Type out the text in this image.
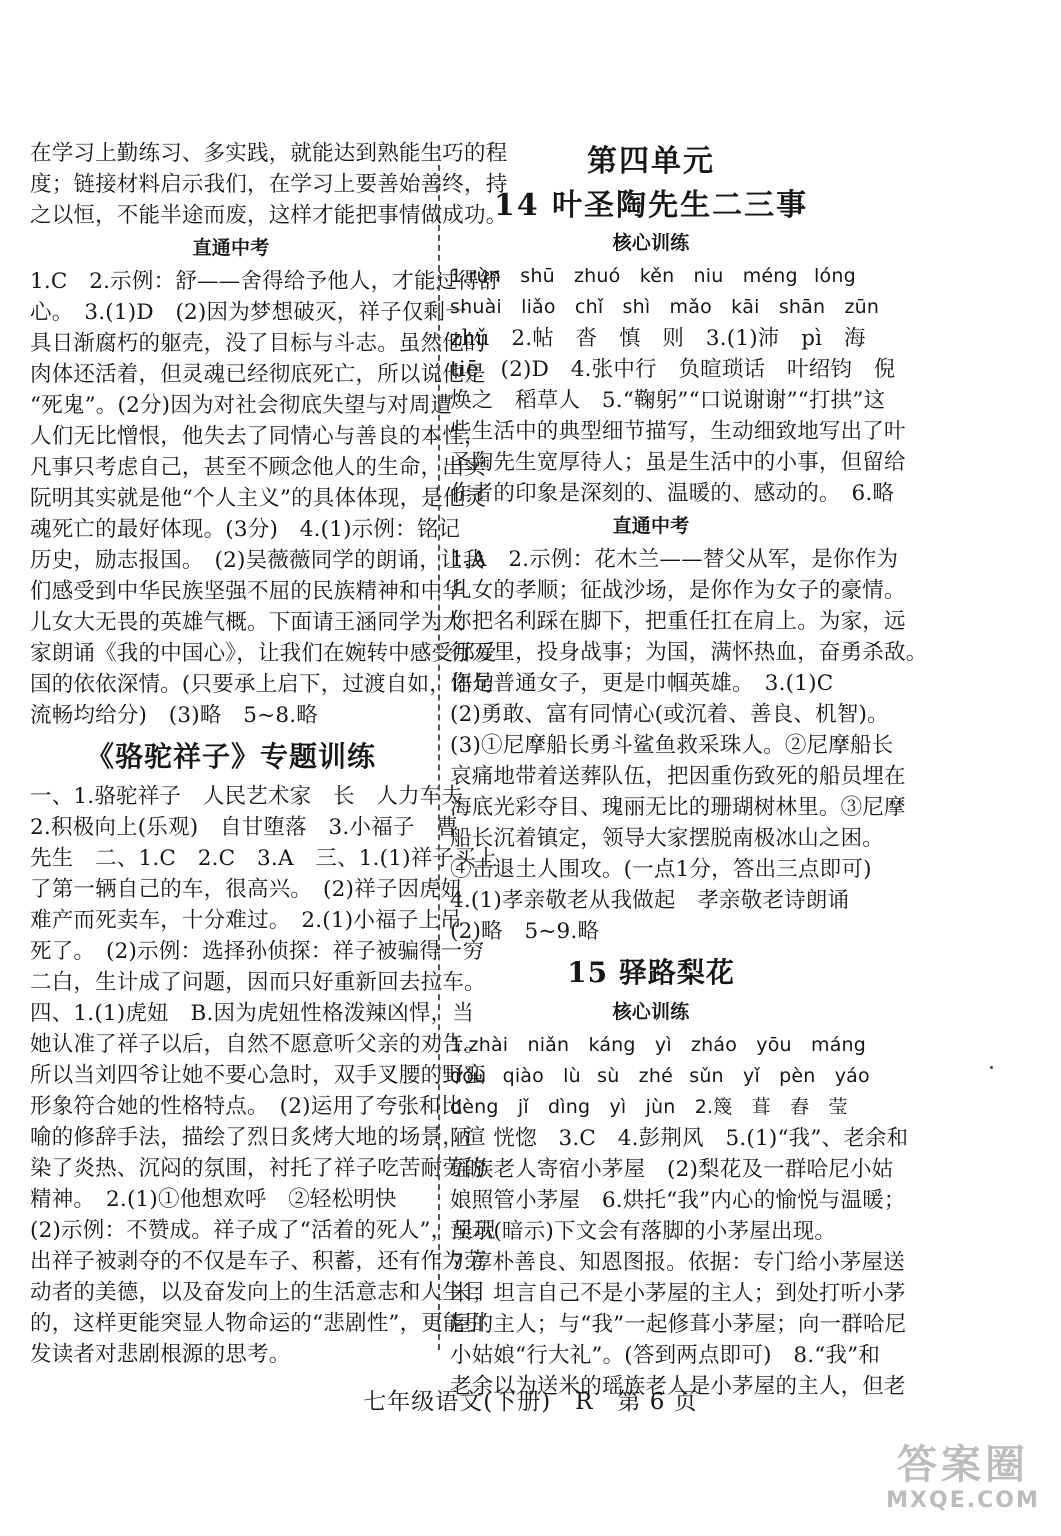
在学习上勤练习、多实践，就能达到熟能生巧的程

度；链接材料启示我们，在学习上要善始善终，持

之以恒，不能半途而废，这样才能把事情做成功。

直通中考

1.C　2.示例：舒——舍得给予他人，才能过得舒

心。　3.(1)D　(2)因为梦想破灭，祥子仅剩一

具日渐腐朽的躯壳，没了目标与斗志。虽然他的

肉体还活着，但灵魂已经彻底死亡，所以说他是

“死鬼”。(2分)因为对社会彻底失望与对周遭

人们无比憎恨，他失去了同情心与善良的本性，

凡事只考虑自己，甚至不顾念他人的生命，出卖

阮明其实就是他“个人主义”的具体体现，是他灵

魂死亡的最好体现。(3分)　4.(1)示例：铭记

历史，励志报国。　(2)吴薇薇同学的朗诵，让我

们感受到中华民族坚强不屈的民族精神和中华

儿女大无畏的英雄气概。下面请王涵同学为大

家朗诵《我的中国心》，让我们在婉转中感受那爱

国的依依深情。(只要承上启下，过渡自如，语句

流畅均给分)　(3)略　5~8.略

《骆驼祥子》专题训练

一、1.骆驼祥子　人民艺术家　长　人力车夫

2.积极向上(乐观)　自甘堕落　3.小福子　曹

先生　二、1.C　2.C　3.A　三、1.(1)祥子买上

了第一辆自己的车，很高兴。　(2)祥子因虎妞

难产而死卖车，十分难过。　2.(1)小福子上吊

死了。　(2)示例：选择孙侦探：祥子被骗得一穷

二白，生计成了问题，因而只好重新回去拉车。

四、1.(1)虎妞　B.因为虎妞性格泼辣凶悍，当

她认准了祥子以后，自然不愿意听父亲的劝告。

所以当刘四爷让她不要心急时，双手叉腰的野蛮

形象符合她的性格特点。　(2)运用了夸张和比

喻的修辞手法，描绘了烈日炙烤大地的场景，渲

染了炎热、沉闷的氛围，衬托了祥子吃苦耐劳的

精神。　2.(1)①他想欢呼　②轻松明快

(2)示例：不赞成。祥子成了“活着的死人”，呈现

出祥子被剥夺的不仅是车子、积蓄，还有作为劳

动者的美德，以及奋发向上的生活意志和人生目

的，这样更能突显人物命运的“悲剧性”，更能引

发读者对悲剧根源的思考。

第四单元

14 叶圣陶先生二三事

核心训练

1.rùn　shū　zhuó　kěn　niu　méng lóng

shuài　liǎo　chǐ　shì　mǎo　kāi　shān　zūn

zhǔ　2.帖　沓　慎　则　3.(1)沛　pì　海

tiē　(2)D　4.张中行　负暄琐话　叶绍钧　倪

焕之　稻草人　5.“鞠躬”“口说谢谢”“打拱”这

些生活中的典型细节描写，生动细致地写出了叶

圣陶先生宽厚待人；虽是生活中的小事，但留给

作者的印象是深刻的、温暖的、感动的。　6.略

直通中考

1.A　2.示例：花木兰——替父从军，是你作为

儿女的孝顺；征战沙场，是你作为女子的豪情。

你把名利踩在脚下，把重任扛在肩上。为家，远

行万里，投身战事；为国，满怀热血，奋勇杀敌。

你是普通女子，更是巾帼英雄。　3.(1)C

(2)勇敢、富有同情心(或沉着、善良、机智)。

(3)①尼摩船长勇斗鲨鱼救采珠人。②尼摩船长

哀痛地带着送葬队伍，把因重伤致死的船员埋在

海底光彩夺目、瑰丽无比的珊瑚树林里。③尼摩

船长沉着镇定，领导大家摆脱南极冰山之困。

④击退土人围攻。(一点1分，答出三点即可)

4.(1)孝亲敬老从我做起　孝亲敬老诗朗诵

(2)略　5~9.略

15 驿路梨花

核心训练

1.zhài　niǎn　káng　yì　zháo　yōu　máng

dǒu qiào　lù sù　zhé sǔn　yǐ　pèn　yáo

dèng　jǐ　dìng　yì　jùn　2.篾　葺　舂　莹

陋　恍惚　3.C　4.彭荆风　5.(1)“我”、老余和

瑶族老人寄宿小茅屋　(2)梨花及一群哈尼小姑

娘照管小茅屋　6.烘托“我”内心的愉悦与温暖；

预示(暗示)下文会有落脚的小茅屋出现。

7.淳朴善良、知恩图报。依据：专门给小茅屋送

米；坦言自己不是小茅屋的主人；到处打听小茅

屋的主人；与“我”一起修葺小茅屋；向一群哈尼

小姑娘“行大礼”。(答到两点即可)　8.“我”和

老余以为送米的瑶族老人是小茅屋的主人，但老

七年级语文(下册)　R　第 6 页
答案圈
MXQE.COM
